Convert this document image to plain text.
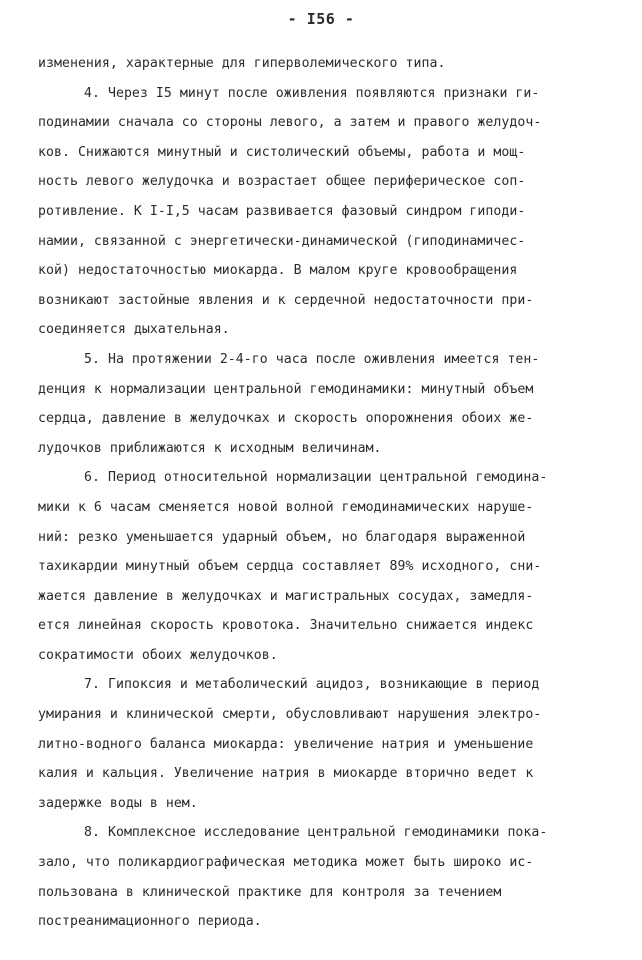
- I56 -
изменения, характерные для гиперволемического типа.
4. Через I5 минут после оживления появляются признаки ги-
подинамии сначала со стороны левого, а затем и правого желудоч-
ков. Снижаются минутный и систолический объемы, работа и мощ-
ность левого желудочка и возрастает общее периферическое соп-
ротивление. К I-I,5 часам развивается фазовый синдром гиподи-
намии, связанной с энергетически-динамической (гиподинамичес-
кой) недостаточностью миокарда. В малом круге кровообращения
возникают застойные явления и к сердечной недостаточности при-
соединяется дыхательная.
5. На протяжении 2-4-го часа после оживления имеется тен-
денция к нормализации центральной гемодинамики: минутный объем
сердца, давление в желудочках и скорость опорожнения обоих же-
лудочков приближаются к исходным величинам.
6. Период относительной нормализации центральной гемодина-
мики к 6 часам сменяется новой волной гемодинамических наруше-
ний: резко уменьшается ударный объем, но благодаря выраженной
тахикардии минутный объем сердца составляет 89% исходного, сни-
жается давление в желудочках и магистральных сосудах, замедля-
ется линейная скорость кровотока. Значительно снижается индекс
сократимости обоих желудочков.
7. Гипоксия и метаболический ацидоз, возникающие в период
умирания и клинической смерти, обусловливают нарушения электро-
литно-водного баланса миокарда: увеличение натрия и уменьшение
калия и кальция. Увеличение натрия в миокарде вторично ведет к
задержке воды в нем.
8. Комплексное исследование центральной гемодинамики пока-
зало, что поликардиографическая методика может быть широко ис-
пользована в клинической практике для контроля за течением
постреанимационного периода.
